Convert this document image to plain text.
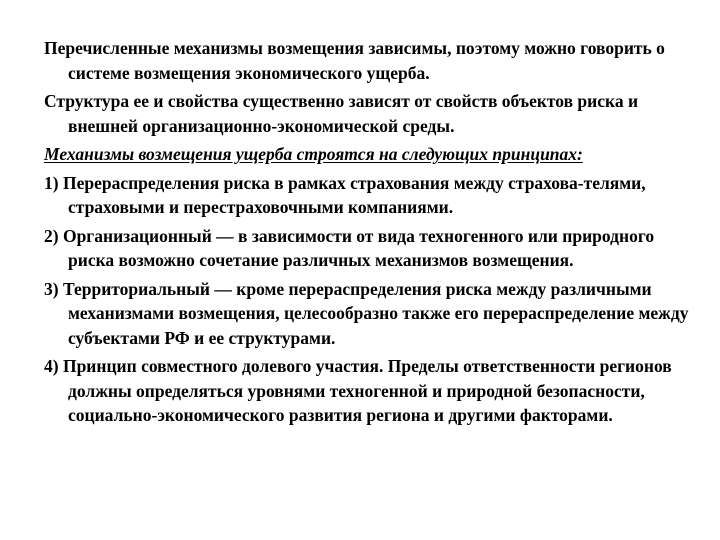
Перечисленные механизмы возмещения зависимы, поэтому можно говорить о системе возмещения экономического ущерба.

Структура ее и свойства существенно зависят от свойств объектов риска и внешней организационно-экономической среды.

Механизмы возмещения ущерба строятся на следующих принципах:

1) Перераспределения риска в рамках страхования между страхова-телями, страховыми и перестраховочными компаниями.

2) Организационный — в зависимости от вида техногенного или природного риска возможно сочетание различных механизмов возмещения.

3) Территориальный — кроме перераспределения риска между различными механизмами возмещения, целесообразно также его перераспределение между субъектами РФ и ее структурами.

4) Принцип совместного долевого участия. Пределы ответственности регионов должны определяться уровнями техногенной и природной безопасности, социально-экономического развития региона и другими факторами.
